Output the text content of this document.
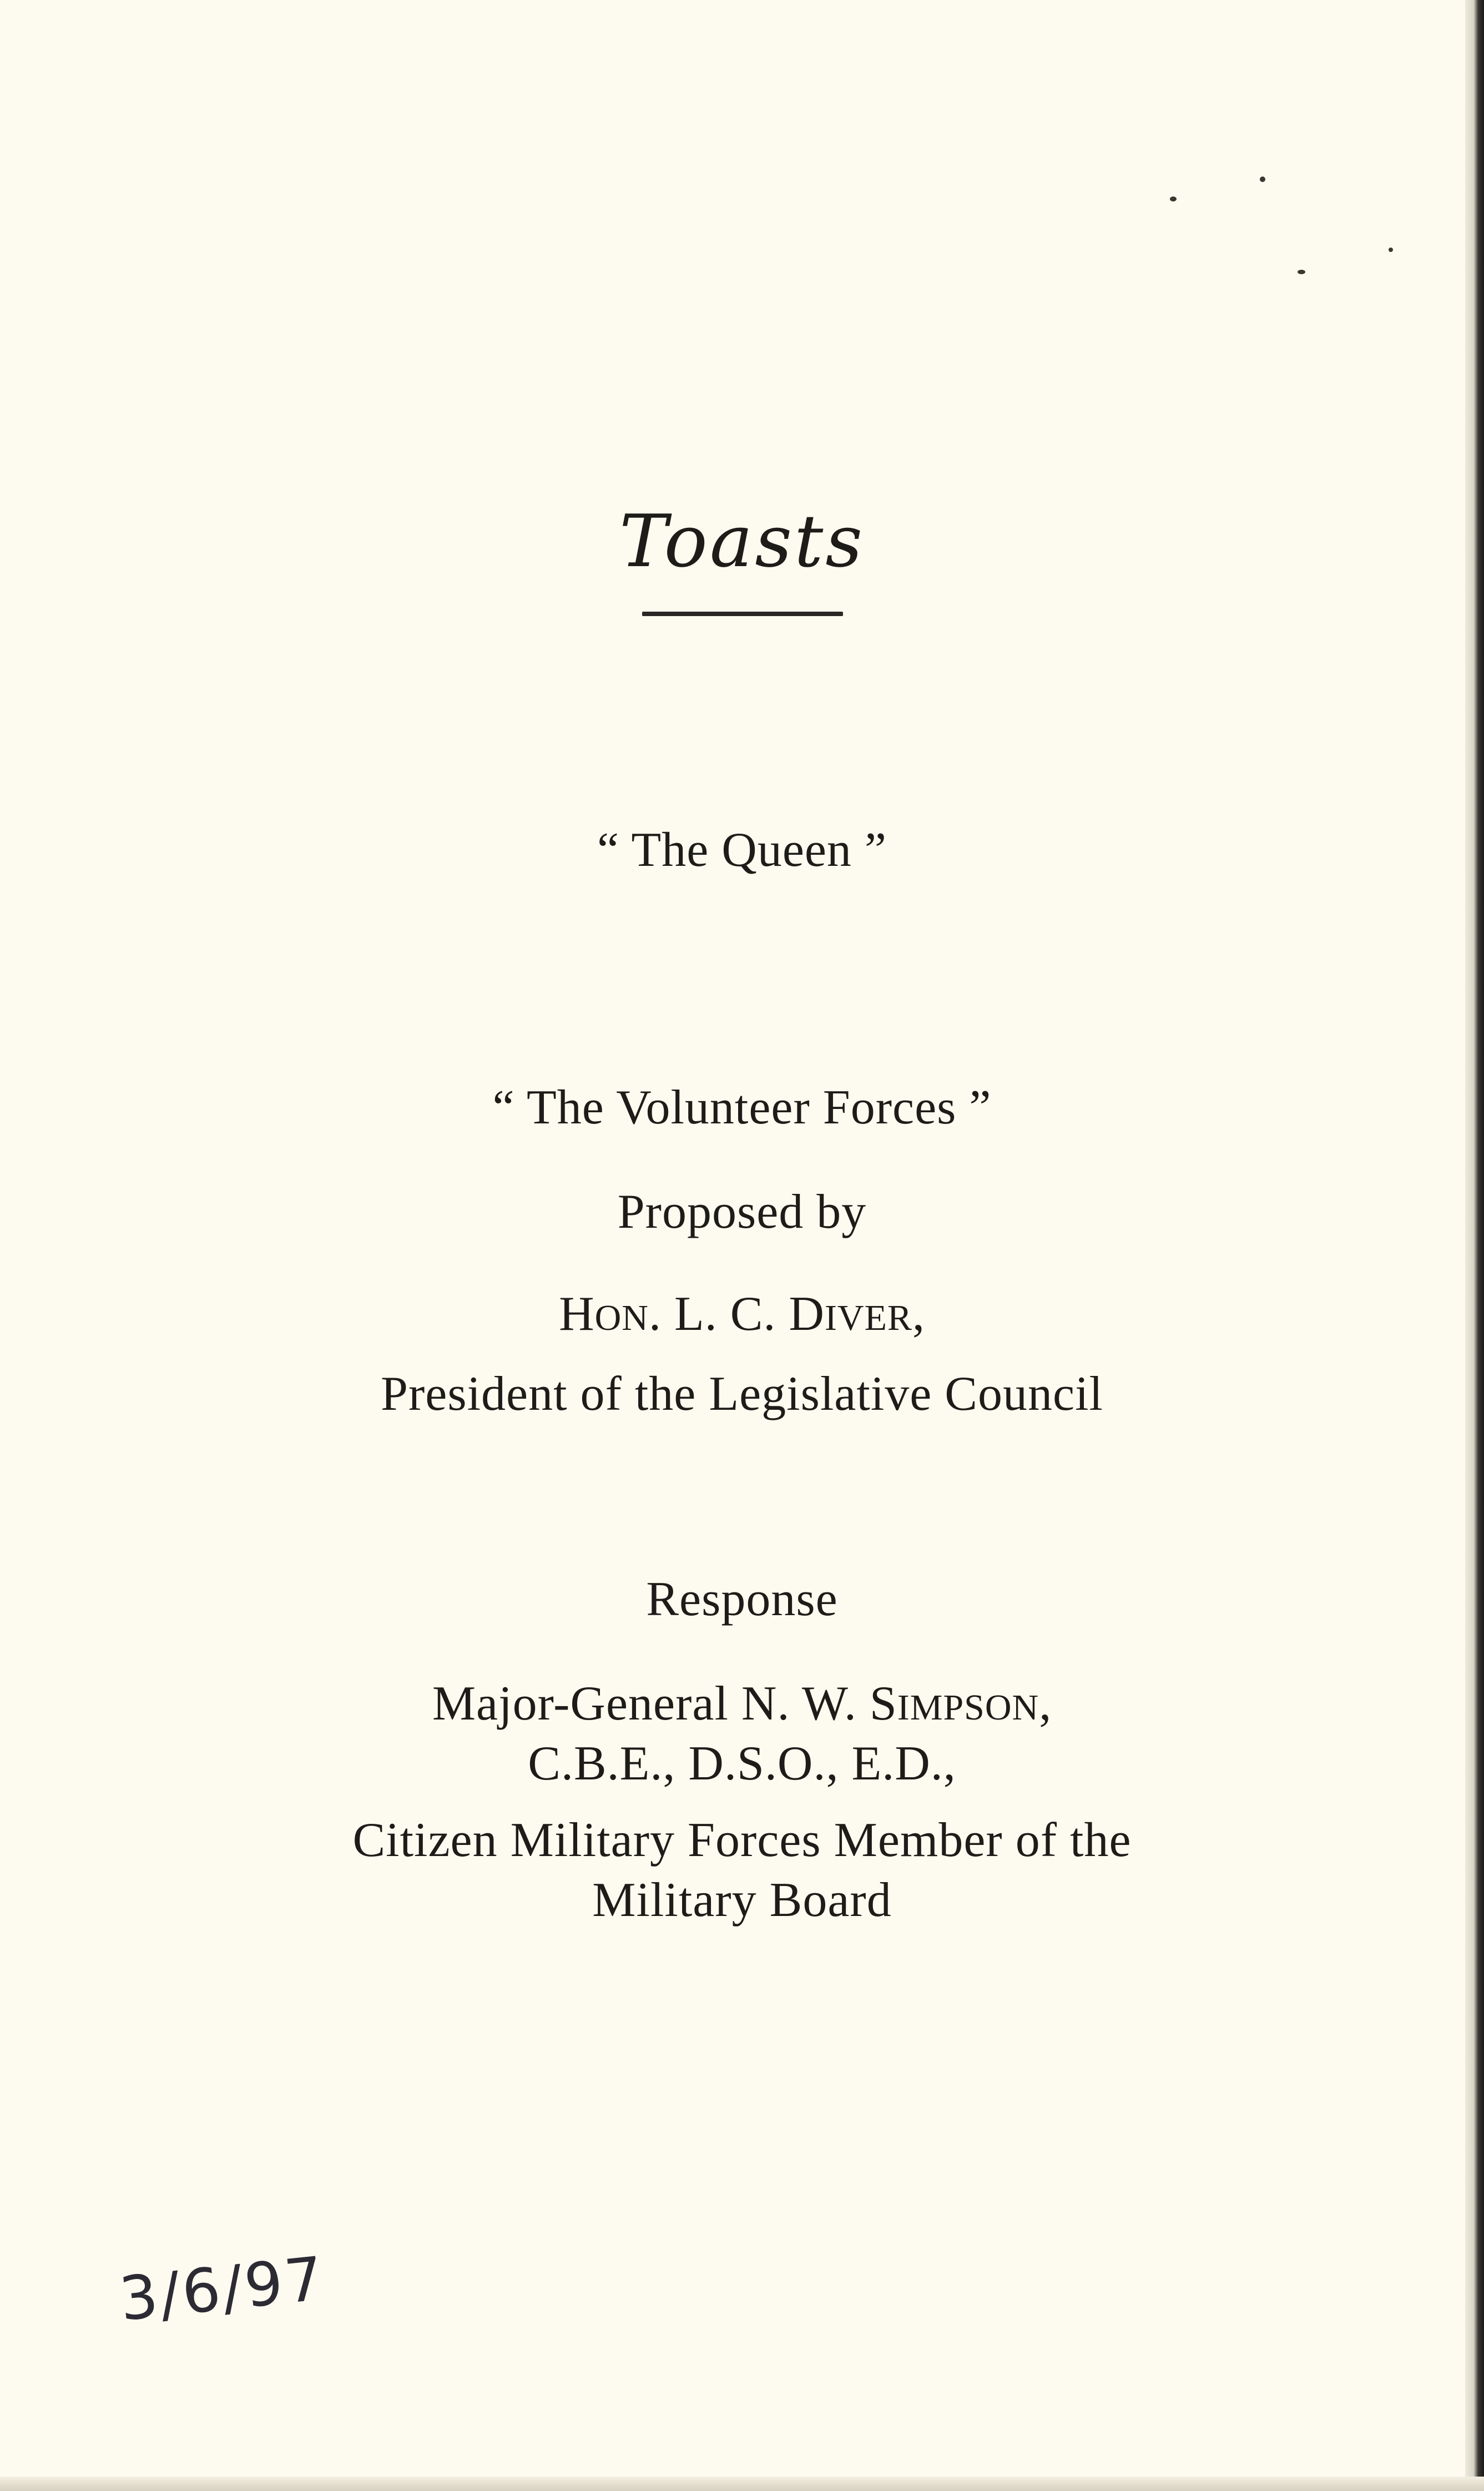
Toasts
“ The Queen ”
“ The Volunteer Forces ”
Proposed by
HON. L. C. DIVER,
President of the Legislative Council
Response
Major-General N. W. SIMPSON,
C.B.E., D.S.O., E.D.,
Citizen Military Forces Member of the
Military Board
3/6/97
